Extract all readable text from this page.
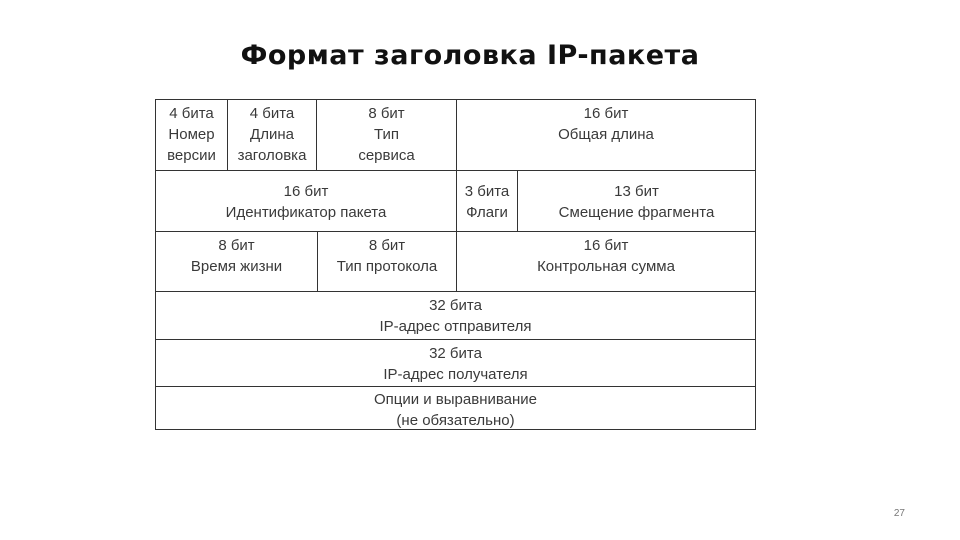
Формат заголовка IP-пакета
4 бита
Номер
версии
4 бита
Длина
заголовка
8 бит
Тип
сервиса
16 бит
Общая длина
16 бит
Идентификатор пакета
3 бита
Флаги
13 бит
Смещение фрагмента
8 бит
Время жизни
8 бит
Тип протокола
16 бит
Контрольная сумма
32 бита
IP-адрес отправителя
32 бита
IP-адрес получателя
Опции и выравнивание
(не обязательно)
27
